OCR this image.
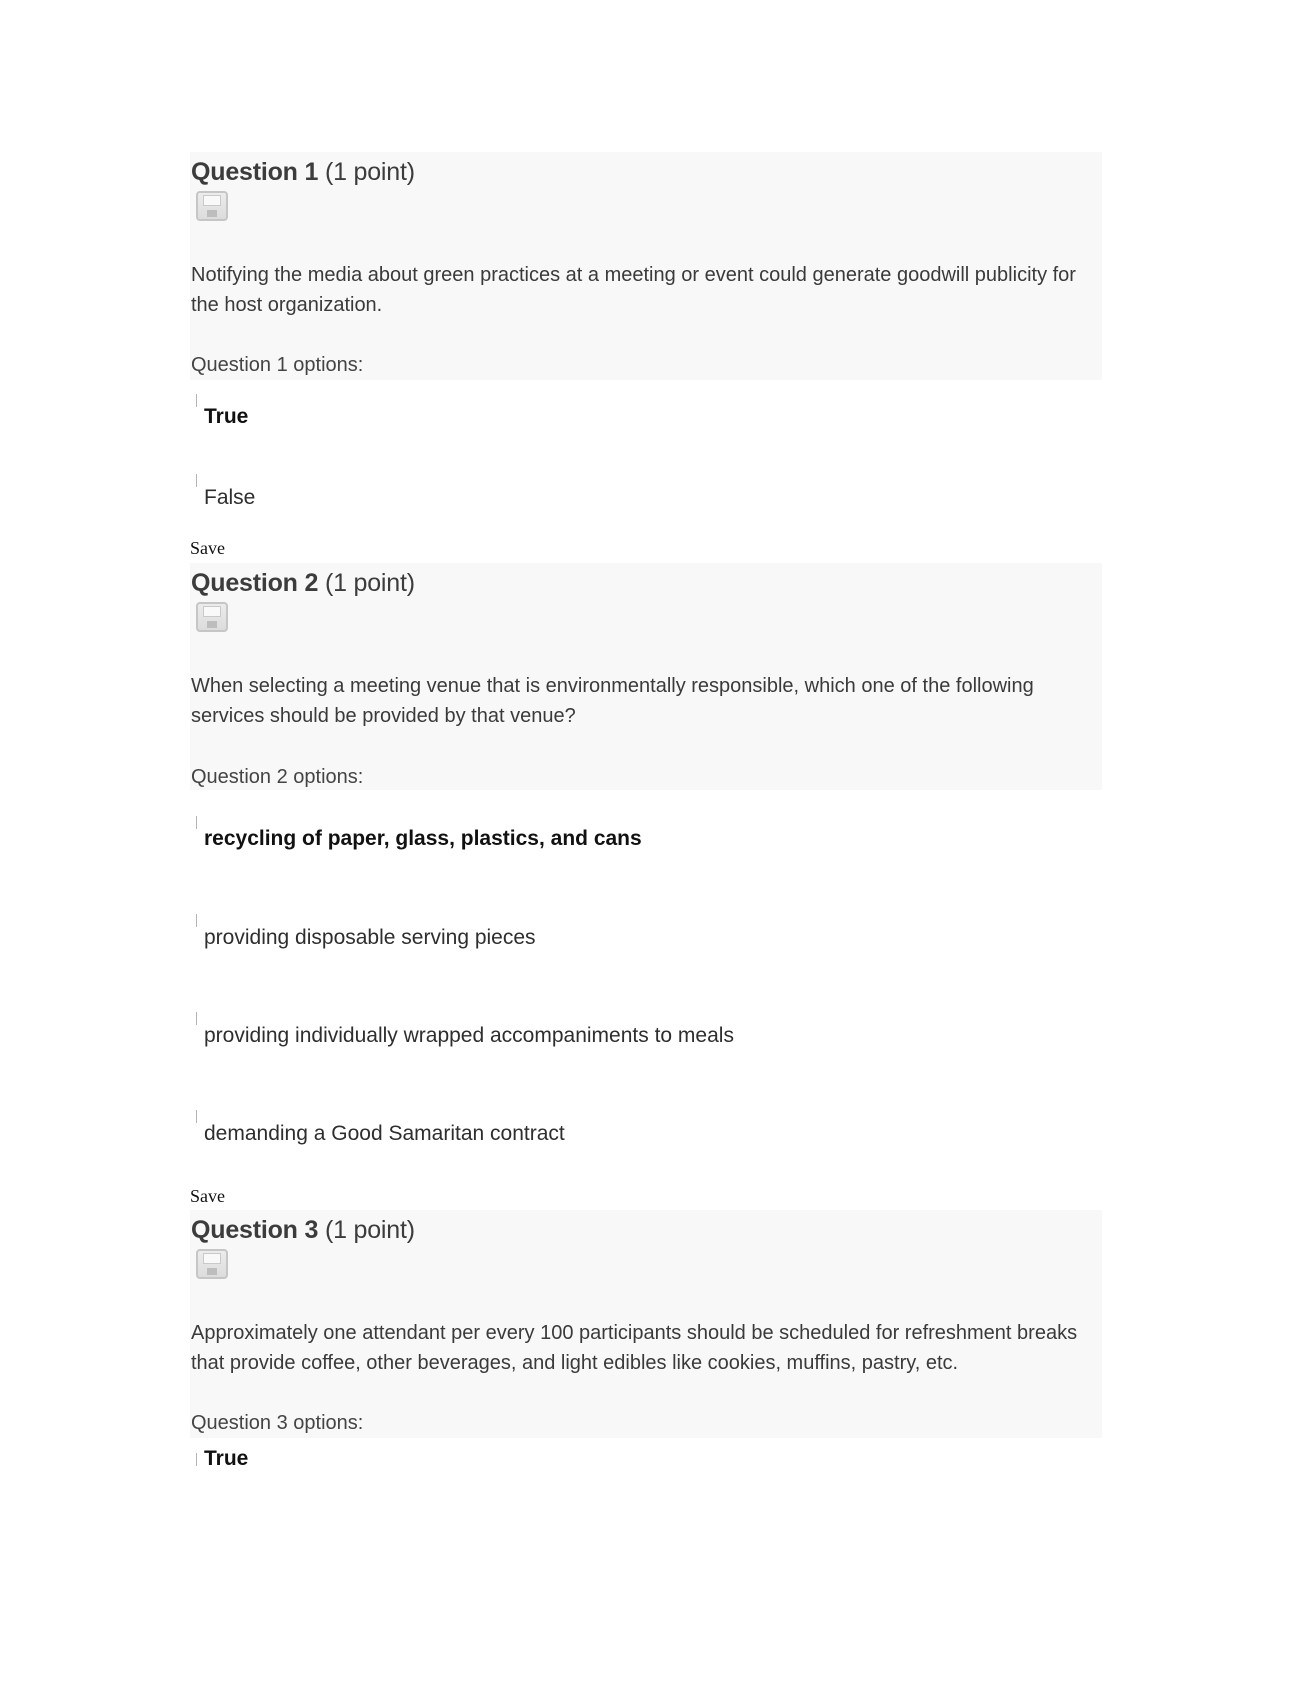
Question 1 (1 point)
Notifying the media about green practices at a meeting or event could generate goodwill publicity for the host organization.
Question 1 options:
True
False
Save
Question 2 (1 point)
When selecting a meeting venue that is environmentally responsible, which one of the following services should be provided by that venue?
Question 2 options:
recycling of paper, glass, plastics, and cans
providing disposable serving pieces
providing individually wrapped accompaniments to meals
demanding a Good Samaritan contract
Save
Question 3 (1 point)
Approximately one attendant per every 100 participants should be scheduled for refreshment breaks that provide coffee, other beverages, and light edibles like cookies, muffins, pastry, etc.
Question 3 options:
True
